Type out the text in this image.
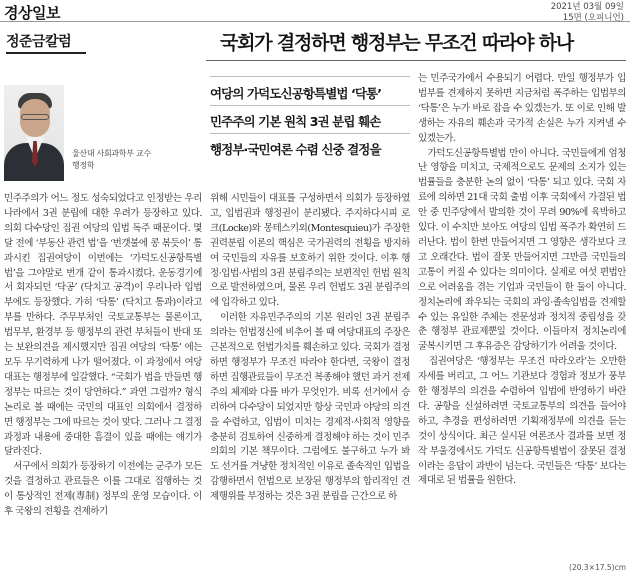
경상일보	2021년 03월 09일
15면 (오피니언)
정준금칼럼	국회가 결정하면 행정부는 무조건 따라야 하나
울산대 사회과학부 교수
행정학
여당의 가덕도신공항특별법 ‘닥통’
민주주의 기본 원칙 3권 분립 훼손
행정부·국민여론 수렴 신중 결정을
민주주의가 어느 정도 성숙되었다고 인정받는 우리나라에서 3권 분립에 대한 우려가 등장하고 있다. 의회 다수당인 집권 여당의 입법 독주 때문이다. 몇 달 전에 ‘부동산 관련 법’을 ‘번갯불에 콩 볶듯이’ 통과시킨 집권여당이 이번에는 ‘가덕도신공항특별법’을 그야말로 번개 같이 통과시켰다. 운동경기에서 회자되던 ‘닥공’ (닥치고 공격)이 우리나라 입법부에도 등장했다. 가히 ‘닥통’ (닥치고 통과)이라고 부를 만하다. 주무부처인 국토교통부는 물론이고, 법무부, 환경부 등 행정부의 관련 부처들이 반대 또는 보완의견을 제시했지만 집권 여당의 ‘닥통’ 에는 모두 무기력하게 나가 떨어졌다. 이 과정에서 여당 대표는 행정부에 일갈했다. “국회가 법을 만들면 행정부는 따르는 것이 당연하다.” 과연 그럴까? 형식논리로 볼 때에는 국민의 대표인 의회에서 결정하면 행정부는 그에 따르는 것이 맞다. 그러나 그 결정과정과 내용에 중대한 흠결이 있을 때에는 얘기가 달라진다.
　서구에서 의회가 등장하기 이전에는 군주가 모든 것을 결정하고 관료들은 이를 그대로 집행하는 것이 통상적인 전제(專制) 정부의 운영 모습이다. 이후 국왕의 전횡을 견제하기
위해 시민들이 대표를 구성하면서 의회가 등장하였고, 입법권과 행정권이 분리됐다. 주지하다시피 로크(Locke)와 몽테스키외(Montesquieu)가 주장한 권력분립 이론의 핵심은 국가권력의 전횡을 방지하여 국민들의 자유를 보호하기 위한 것이다. 이후 행정·입법·사법의 3권 분립주의는 보편적인 헌법 원칙으로 발전하였으며, 물론 우리 헌법도 3권 분립주의에 입각하고 있다.
　이러한 자유민주주의의 기본 원리인 3권 분립주의라는 헌법정신에 비추어 볼 때 여당대표의 주장은 근본적으로 헌법가치를 훼손하고 있다. 국회가 결정하면 행정부가 무조건 따라야 한다면, 국왕이 결정하면 집행관료들이 무조건 복종해야 했던 과거 전제주의 체제와 다를 바가 무엇인가. 비록 선거에서 승리하여 다수당이 되었지만 항상 국민과 야당의 의견을 수렴하고, 입법이 미치는 경제적·사회적 영향을 충분히 검토하여 신중하게 결정해야 하는 것이 민주의회의 기본 책무이다. 그럼에도 불구하고 누가 봐도 선거를 겨냥한 정치적인 이유로 졸속적인 입법을 감행하면서 헌법으로 보장된 행정부의 합리적인 견제행위를 부정하는 것은 3권 분립을 근간으로 하
는 민주국가에서 수용되기 어렵다. 만일 행정부가 입법부를 견제하지 못하면 지금처럼 폭주하는 입법부의 ‘닥통’은 누가 바로 잡을 수 있겠는가. 또 이로 인해 발생하는 자유의 훼손과 국가적 손실은 누가 지켜낼 수 있겠는가.
　가덕도신공항특별법 만이 아니다. 국민들에게 엄청난 영향을 미치고, 국제적으로도 문제의 소지가 있는 법률들을 충분한 논의 없이 ‘닥통’ 되고 있다. 국회 자료에 의하면 21대 국회 출범 이후 국회에서 가결된 법안 중 민주당에서 발의한 것이 무려 90%에 육박하고 있다. 이 수치만 보아도 여당의 입법 폭주가 확연히 드러난다. 법이 한번 만들어지면 그 영향은 생각보다 크고 오래간다. 법이 잘못 만들어지면 그만큼 국민들의 고통이 커질 수 있다는 의미이다. 실제로 여섯 편법안으로 어려움을 겪는 기업과 국민들이 한 둘이 아니다. 정치논리에 좌우되는 국회의 과잉·졸속입법을 견제할 수 있는 유일한 주체는 전문성과 정치적 중립성을 갖춘 행정부 관료제뿐일 것이다. 이들마저 정치논리에 굴복시키면 그 후유증은 감당하기가 어려울 것이다.
　집권여당은 ‘행정부는 무조건 따라오라’는 오만한 자세를 버리고, 그 어느 기관보다 경험과 정보가 풍부한 행정부의 의견을 수렴하여 입법에 반영하기 바란다. 공항을 신설하려면 국토교통부의 의견을 들어야 하고, 추경을 편성하려면 기획재정부에 의견을 듣는 것이 상식이다. 최근 실시된 여론조사 결과를 보면 정작 부울경에서도 가덕도 신공항특별법이 잘못된 결정이라는 응답이 과반이 넘는다. 국민들은 ‘닥통’ 보다는 제대로 된 법률을 원한다.
(20.3×17.5)cm
